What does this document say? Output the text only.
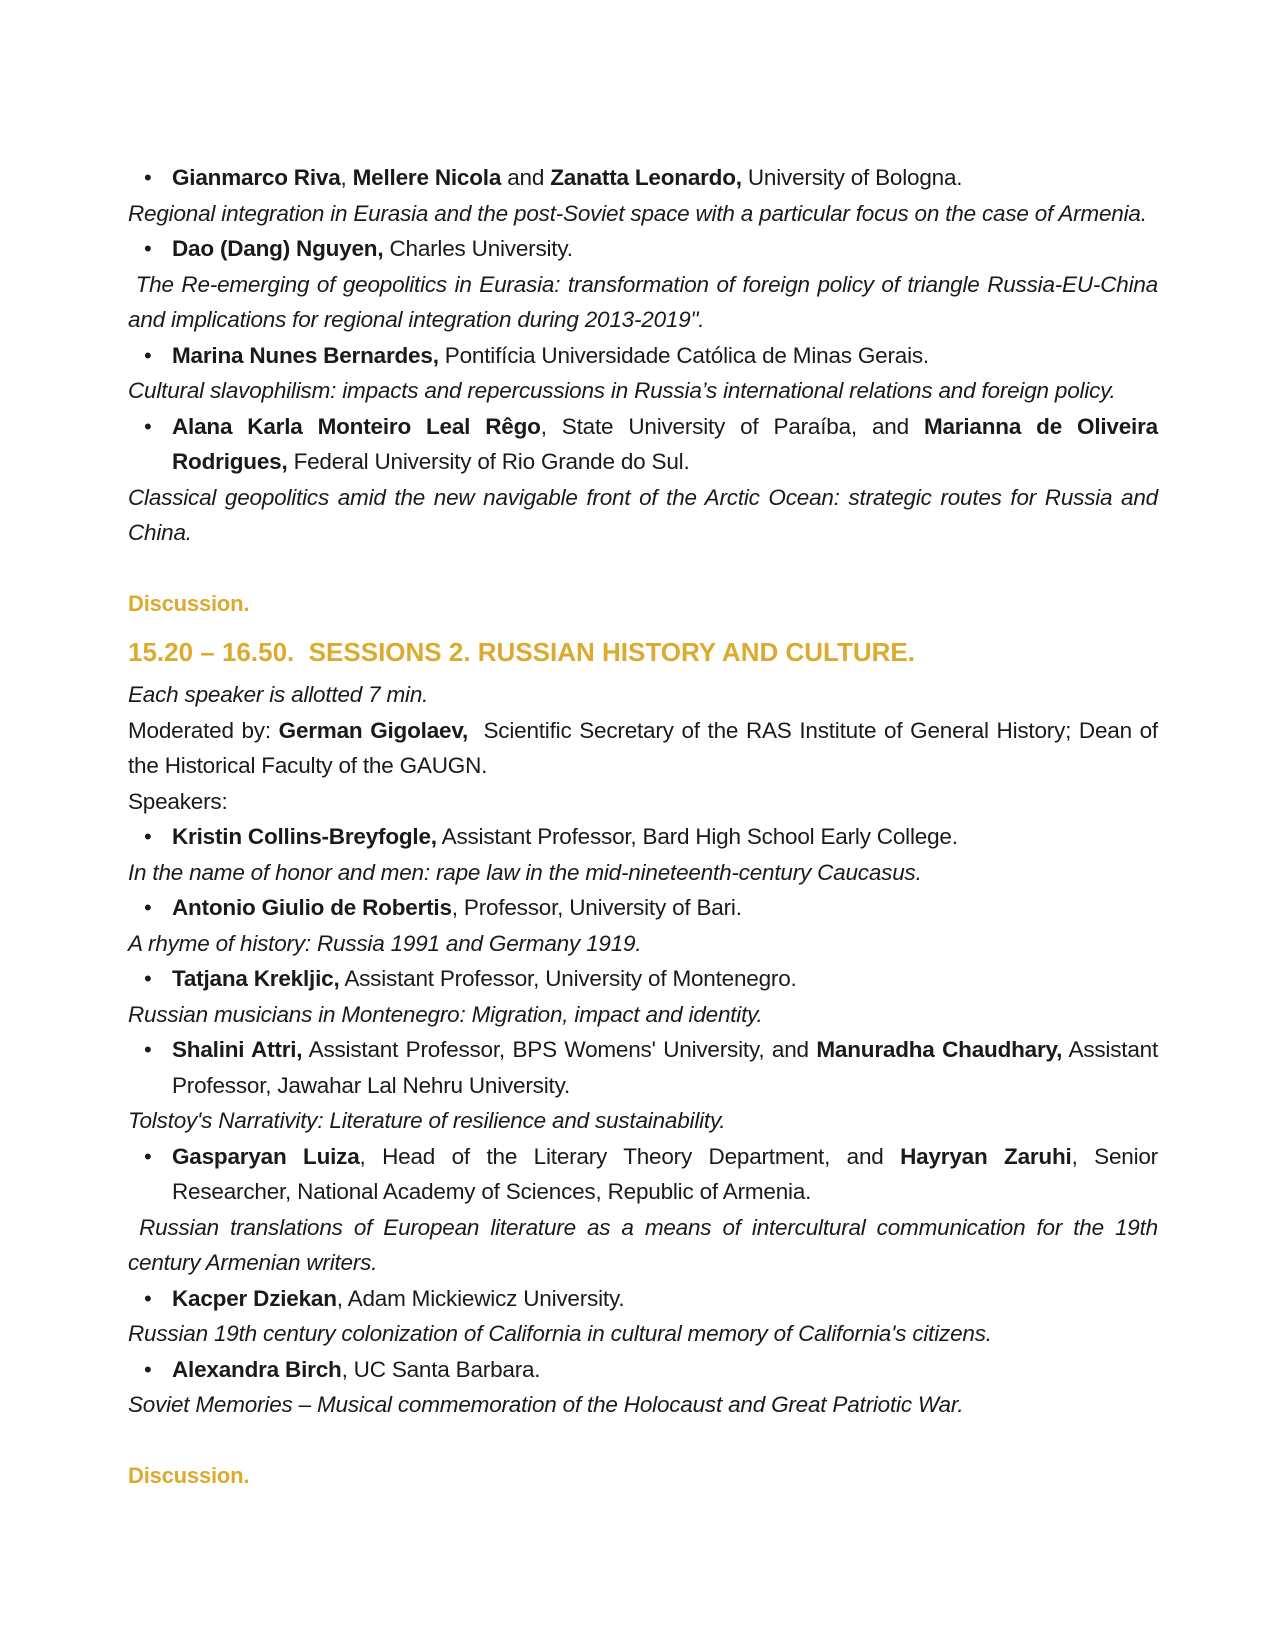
• Gianmarco Riva, Mellere Nicola and Zanatta Leonardo, University of Bologna.
Regional integration in Eurasia and the post-Soviet space with a particular focus on the case of Armenia.
• Dao (Dang) Nguyen, Charles University.
The Re-emerging of geopolitics in Eurasia: transformation of foreign policy of triangle Russia-EU-China and implications for regional integration during 2013-2019".
• Marina Nunes Bernardes, Pontifícia Universidade Católica de Minas Gerais.
Cultural slavophilism: impacts and repercussions in Russia’s international relations and foreign policy.
• Alana Karla Monteiro Leal Rêgo, State University of Paraíba, and Marianna de Oliveira Rodrigues, Federal University of Rio Grande do Sul.
Classical geopolitics amid the new navigable front of the Arctic Ocean: strategic routes for Russia and China.
Discussion.
15.20 – 16.50.  SESSIONS 2. RUSSIAN HISTORY AND CULTURE.
Each speaker is allotted 7 min.
Moderated by: German Gigolaev,  Scientific Secretary of the RAS Institute of General History; Dean of the Historical Faculty of the GAUGN.
Speakers:
• Kristin Collins-Breyfogle, Assistant Professor, Bard High School Early College.
In the name of honor and men: rape law in the mid-nineteenth-century Caucasus.
• Antonio Giulio de Robertis, Professor, University of Bari.
A rhyme of history: Russia 1991 and Germany 1919.
• Tatjana Krekljic, Assistant Professor, University of Montenegro.
Russian musicians in Montenegro: Migration, impact and identity.
• Shalini Attri, Assistant Professor, BPS Womens' University, and Manuradha Chaudhary, Assistant Professor, Jawahar Lal Nehru University.
Tolstoy's Narrativity: Literature of resilience and sustainability.
• Gasparyan Luiza, Head of the Literary Theory Department, and Hayryan Zaruhi, Senior Researcher, National Academy of Sciences, Republic of Armenia.
Russian translations of European literature as a means of intercultural communication for the 19th century Armenian writers.
• Kacper Dziekan, Adam Mickiewicz University.
Russian 19th century colonization of California in cultural memory of California's citizens.
• Alexandra Birch, UC Santa Barbara.
Soviet Memories – Musical commemoration of the Holocaust and Great Patriotic War.
Discussion.
